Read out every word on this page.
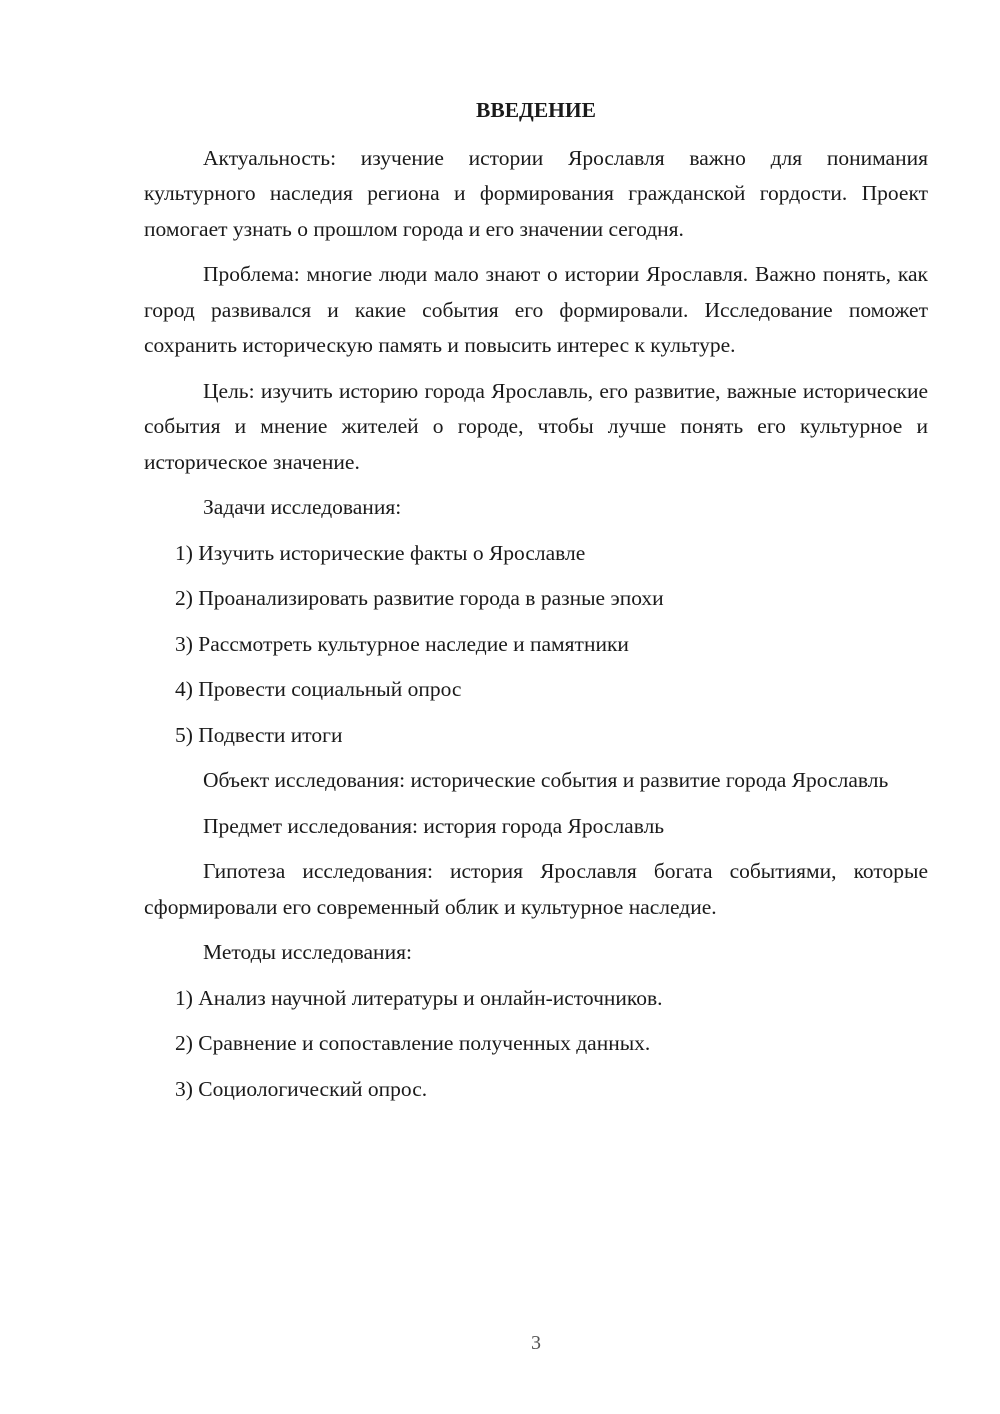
ВВЕДЕНИЕ

Актуальность: изучение истории Ярославля важно для понимания культурного наследия региона и формирования гражданской гордости. Проект помогает узнать о прошлом города и его значении сегодня.

Проблема: многие люди мало знают о истории Ярославля. Важно понять, как город развивался и какие события его формировали. Исследование поможет сохранить историческую память и повысить интерес к культуре.

Цель: изучить историю города Ярославль, его развитие, важные исторические события и мнение жителей о городе, чтобы лучше понять его культурное и историческое значение.

Задачи исследования:

1) Изучить исторические факты о Ярославле
2) Проанализировать развитие города в разные эпохи
3) Рассмотреть культурное наследие и памятники
4) Провести социальный опрос
5) Подвести итоги

Объект исследования: исторические события и развитие города Ярославль

Предмет исследования: история города Ярославль

Гипотеза исследования: история Ярославля богата событиями, которые сформировали его современный облик и культурное наследие.

Методы исследования:

1) Анализ научной литературы и онлайн-источников.
2) Сравнение и сопоставление полученных данных.
3) Социологический опрос.
3
